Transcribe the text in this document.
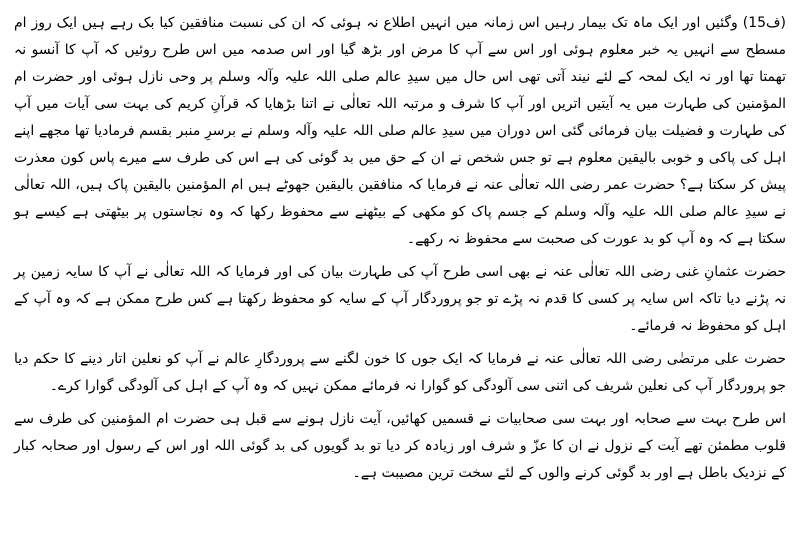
(ف15) وگئیں اور ایک ماہ تک بیمار رہیں اس زمانہ میں انہیں اطلاع نہ ہوئی کہ ان کی نسبت منافقین کیا بک رہے ہیں ایک روز ام مسطح سے انہیں یہ خبر معلوم ہوئی اور اس سے آپ کا مرض اور بڑھ گیا اور اس صدمہ میں اس طرح روئیں کہ آپ کا آنسو نہ تھمتا تھا اور نہ ایک لمحہ کے لئے نیند آتی تھی اس حال میں سیدِ عالم صلی اللہ علیہ وآلہ وسلم پر وحی نازل ہوئی اور حضرت ام المؤمنین کی طہارت میں یہ آیتیں اتریں اور آپ کا شرف و مرتبہ اللہ تعالٰی نے اتنا بڑھایا کہ قرآنِ کریم کی بہت سی آیات میں آپ کی طہارت و فضیلت بیان فرمائی گئی اس دوران میں سیدِ عالم صلی اللہ علیہ وآلہ وسلم نے برسرِ منبر بقسم فرمادیا تھا مجھے اپنے اہل کی پاکی و خوبی بالیقین معلوم ہے تو جس شخص نے ان کے حق میں بد گوئی کی ہے اس کی طرف سے میرے پاس کون معذرت پیش کر سکتا ہے؟ حضرت عمر رضی اللہ تعالٰی عنہ نے فرمایا کہ منافقین بالیقین جھوٹے ہیں ام المؤمنین بالیقین پاک ہیں، اللہ تعالٰی نے سیدِ عالم صلی اللہ علیہ وآلہ وسلم کے جسم پاک کو مکھی کے بیٹھنے سے محفوظ رکھا کہ وہ نجاستوں پر بیٹھتی ہے کیسے ہو سکتا ہے کہ وہ آپ کو بد عورت کی صحبت سے محفوظ نہ رکھے۔

حضرت عثمانِ غنی رضی اللہ تعالٰی عنہ نے بھی اسی طرح آپ کی طہارت بیان کی اور فرمایا کہ اللہ تعالٰی نے آپ کا سایہ زمین پر نہ پڑنے دیا تاکہ اس سایہ پر کسی کا قدم نہ پڑے تو جو پروردگار آپ کے سایہ کو محفوظ رکھتا ہے کس طرح ممکن ہے کہ وہ آپ کے اہل کو محفوظ نہ فرمائے۔

حضرت علی مرتضٰی رضی اللہ تعالٰی عنہ نے فرمایا کہ ایک جوں کا خون لگنے سے پروردگارِ عالم نے آپ کو نعلین اتار دینے کا حکم دیا جو پروردگار آپ کی نعلین شریف کی اتنی سی آلودگی کو گوارا نہ فرمائے ممکن نہیں کہ وہ آپ کے اہل کی آلودگی گوارا کرے۔

اس طرح بہت سے صحابہ اور بہت سی صحابیات نے قسمیں کھائیں، آیت نازل ہونے سے قبل ہی حضرت ام المؤمنین کی طرف سے قلوب مطمئن تھے آیت کے نزول نے ان کا عزّ و شرف اور زیادہ کر دیا تو بد گویوں کی بد گوئی اللہ اور اس کے رسول اور صحابہ کبار کے نزدیک باطل ہے اور بد گوئی کرنے والوں کے لئے سخت ترین مصیبت ہے۔
